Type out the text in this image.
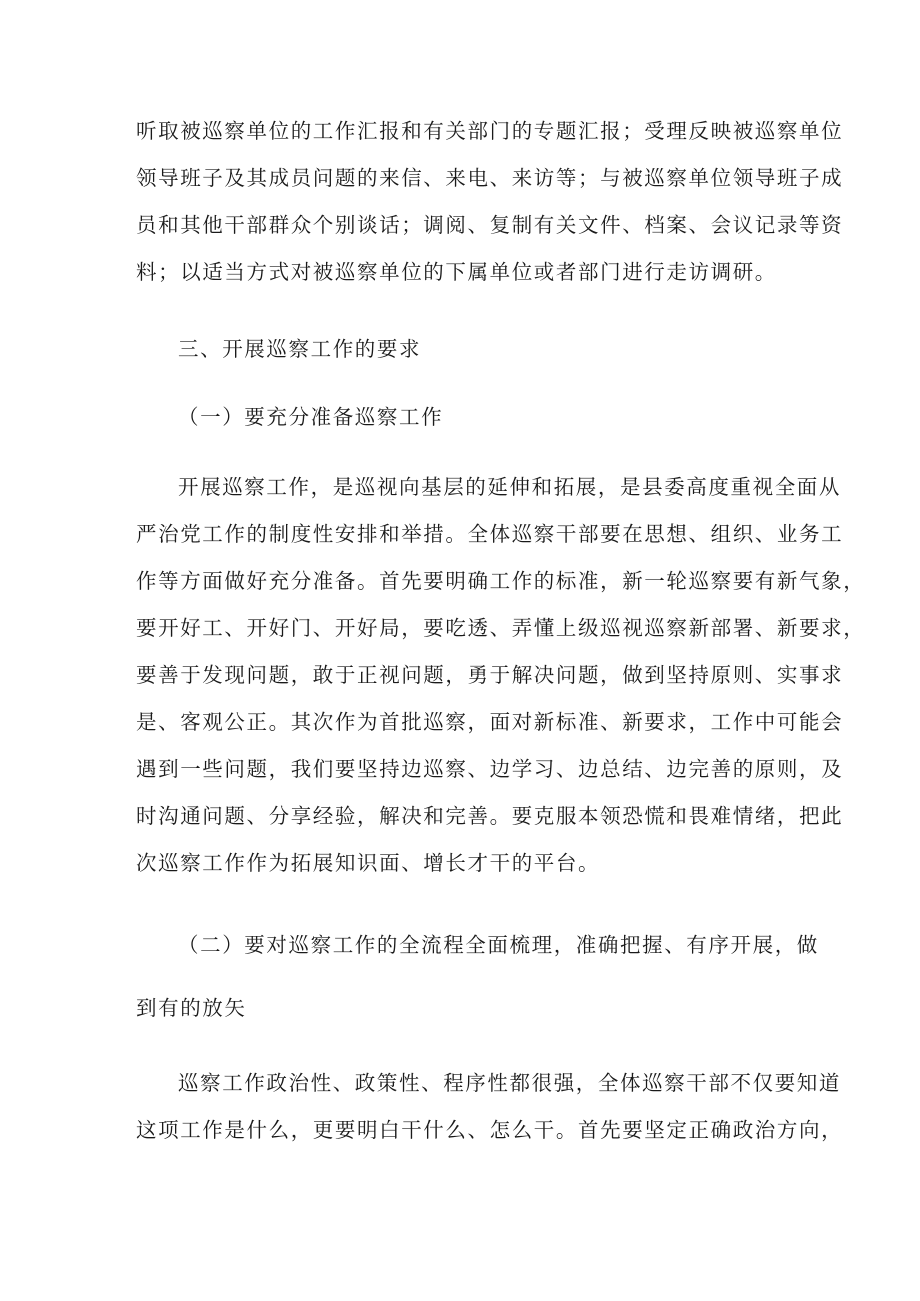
听取被巡察单位的工作汇报和有关部门的专题汇报；受理反映被巡察单位
领导班子及其成员问题的来信、来电、来访等；与被巡察单位领导班子成
员和其他干部群众个别谈话；调阅、复制有关文件、档案、会议记录等资
料；以适当方式对被巡察单位的下属单位或者部门进行走访调研。
三、开展巡察工作的要求
（一）要充分准备巡察工作
开展巡察工作，是巡视向基层的延伸和拓展，是县委高度重视全面从
严治党工作的制度性安排和举措。全体巡察干部要在思想、组织、业务工
作等方面做好充分准备。首先要明确工作的标准，新一轮巡察要有新气象，
要开好工、开好门、开好局，要吃透、弄懂上级巡视巡察新部署、新要求，
要善于发现问题，敢于正视问题，勇于解决问题，做到坚持原则、实事求
是、客观公正。其次作为首批巡察，面对新标准、新要求，工作中可能会
遇到一些问题，我们要坚持边巡察、边学习、边总结、边完善的原则，及
时沟通问题、分享经验，解决和完善。要克服本领恐慌和畏难情绪，把此
次巡察工作作为拓展知识面、增长才干的平台。
（二）要对巡察工作的全流程全面梳理，准确把握、有序开展，做
到有的放矢
巡察工作政治性、政策性、程序性都很强，全体巡察干部不仅要知道
这项工作是什么，更要明白干什么、怎么干。首先要坚定正确政治方向，
